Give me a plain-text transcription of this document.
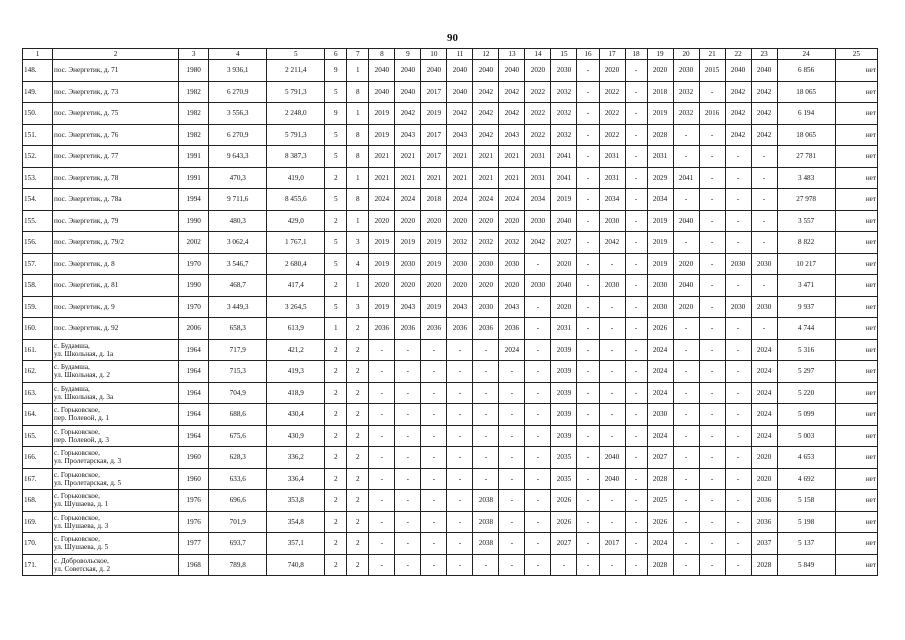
90
1	2	3	4	5	6	7	8	9	10	11	12	13	14	15	16	17	18	19	20	21	22	23	24	25
148.	пос. Энергетик, д. 71	1980	3 936,1	2 211,4	9	1	2040	2040	2040	2040	2040	2040	2020	2030	-	2020	-	2020	2030	2015	2040	2040	6 856	нет
149.	пос. Энергетик, д. 73	1982	6 270,9	5 791,3	5	8	2040	2040	2017	2040	2042	2042	2022	2032	-	2022	-	2018	2032	-	2042	2042	18 065	нет
150.	пос. Энергетик, д. 75	1982	3 556,3	2 248,0	9	1	2019	2042	2019	2042	2042	2042	2022	2032	-	2022	-	2019	2032	2016	2042	2042	6 194	нет
151.	пос. Энергетик, д. 76	1982	6 270,9	5 791,3	5	8	2019	2043	2017	2043	2042	2043	2022	2032	-	2022	-	2028	-	-	2042	2042	18 065	нет
152.	пос. Энергетик, д. 77	1991	9 643,3	8 387,3	5	8	2021	2021	2017	2021	2021	2021	2031	2041	-	2031	-	2031	-	-	-	-	27 781	нет
153.	пос. Энергетик, д. 78	1991	470,3	419,0	2	1	2021	2021	2021	2021	2021	2021	2031	2041	-	2031	-	2029	2041	-	-	-	3 483	нет
154.	пос. Энергетик, д. 78а	1994	9 711,6	8 455,6	5	8	2024	2024	2018	2024	2024	2024	2034	2019	-	2034	-	2034	-	-	-	-	27 978	нет
155.	пос. Энергетик, д. 79	1990	480,3	429,0	2	1	2020	2020	2020	2020	2020	2020	2030	2040	-	2030	-	2019	2040	-	-	-	3 557	нет
156.	пос. Энергетик, д. 79/2	2002	3 062,4	1 767,1	5	3	2019	2019	2019	2032	2032	2032	2042	2027	-	2042	-	2019	-	-	-	-	8 822	нет
157.	пос. Энергетик, д. 8	1970	3 546,7	2 680,4	5	4	2019	2030	2019	2030	2030	2030	-	2020	-	-	-	2019	2020	-	2030	2030	10 217	нет
158.	пос. Энергетик, д. 81	1990	468,7	417,4	2	1	2020	2020	2020	2020	2020	2020	2030	2040	-	2030	-	2030	2040	-	-	-	3 471	нет
159.	пос. Энергетик, д. 9	1970	3 449,3	3 264,5	5	3	2019	2043	2019	2043	2030	2043	-	2020	-	-	-	2030	2020	-	2030	2030	9 937	нет
160.	пос. Энергетик, д. 92	2006	658,3	613,9	1	2	2036	2036	2036	2036	2036	2036	-	2031	-	-	-	2026	-	-	-	-	4 744	нет
161.	с. Будамша,
ул. Школьная, д. 1а	1964	717,9	421,2	2	2	-	-	-	-	-	2024	-	2039	-	-	-	2024	-	-	-	2024	5 316	нет
162.	с. Будамша,
ул. Школьная, д. 2	1964	715,3	419,3	2	2	-	-	-	-	-	-	-	2039	-	-	-	2024	-	-	-	2024	5 297	нет
163.	с. Будамша,
ул. Школьная, д. 3а	1964	704,9	418,9	2	2	-	-	-	-	-	-	-	2039	-	-	-	2024	-	-	-	2024	5 220	нет
164.	с. Горьковское,
пер. Полевой, д. 1	1964	688,6	430,4	2	2	-	-	-	-	-	-	-	2039	-	-	-	2030	-	-	-	2024	5 099	нет
165.	с. Горьковское,
пер. Полевой, д. 3	1964	675,6	430,9	2	2	-	-	-	-	-	-	-	2039	-	-	-	2024	-	-	-	2024	5 003	нет
166.	с. Горьковское,
ул. Пролетарская, д. 3	1960	628,3	336,2	2	2	-	-	-	-	-	-	-	2035	-	2040	-	2027	-	-	-	2020	4 653	нет
167.	с. Горьковское,
ул. Пролетарская, д. 5	1960	633,6	336,4	2	2	-	-	-	-	-	-	-	2035	-	2040	-	2028	-	-	-	2020	4 692	нет
168.	с. Горьковское,
ул. Шушаева, д. 1	1976	696,6	353,8	2	2	-	-	-	-	2038	-	-	2026	-	-	-	2025	-	-	-	2036	5 158	нет
169.	с. Горьковское,
ул. Шушаева, д. 3	1976	701,9	354,8	2	2	-	-	-	-	2038	-	-	2026	-	-	-	2026	-	-	-	2036	5 198	нет
170.	с. Горьковское,
ул. Шушаева, д. 5	1977	693,7	357,1	2	2	-	-	-	-	2038	-	-	2027	-	2017	-	2024	-	-	-	2037	5 137	нет
171.	с. Добровольское,
ул. Советская, д. 2	1968	789,8	740,8	2	2	-	-	-	-	-	-	-	-	-	-	-	2028	-	-	-	2028	5 849	нет
